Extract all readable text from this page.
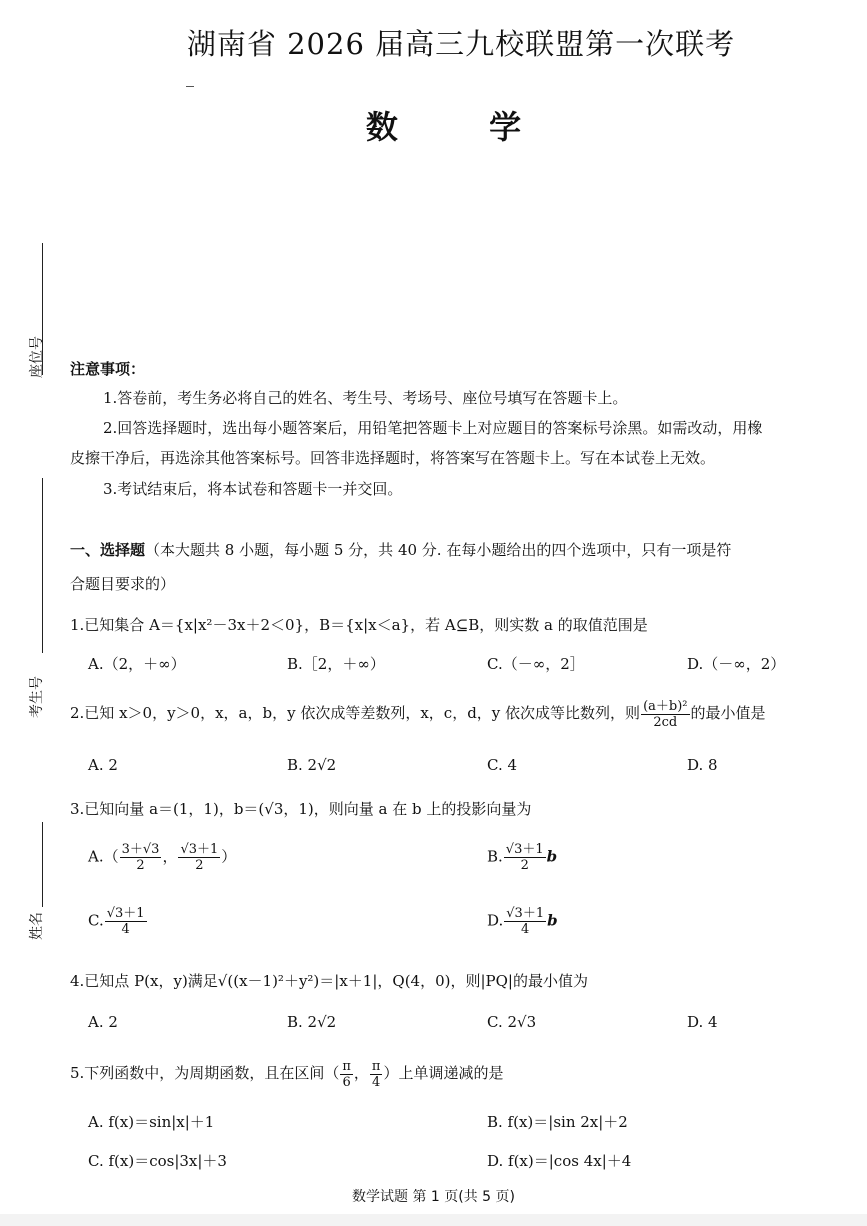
湖南省 2026 届高三九校联盟第一次联考
数 学
座位号
考生号
姓名
注意事项：
1.答卷前，考生务必将自己的姓名、考生号、考场号、座位号填写在答题卡上。
2.回答选择题时，选出每小题答案后，用铅笔把答题卡上对应题目的答案标号涂黑。如需改动，用橡
皮擦干净后，再选涂其他答案标号。回答非选择题时，将答案写在答题卡上。写在本试卷上无效。
3.考试结束后，将本试卷和答题卡一并交回。
一、选择题（本大题共 8 小题，每小题 5 分，共 40 分. 在每小题给出的四个选项中，只有一项是符
合题目要求的）
1.已知集合 A＝{x|x²－3x＋2＜0}，B＝{x|x＜a}，若 A⊆B，则实数 a 的取值范围是
A.（2，＋∞）	B.［2，＋∞）	C.（－∞，2］	D.（－∞，2）
2.已知 x＞0，y＞0，x，a，b，y 依次成等差数列，x，c，d，y 依次成等比数列，则 $\frac{\text{(a＋b)²}}{2cd}$ 的最小值是
A. 2	B. 2√2	C. 4	D. 8
3.已知向量 a＝(1，1)，b＝(√3，1)，则向量 a 在 b 上的投影向量为
$A.( \frac{3+√3}{2}$ ， $\frac{√3+1}{2}$ ）	B. $\frac{√3+1}{2}$ b
C. $\frac{√3+1}{4}$	D. $\frac{√3+1}{4}$ b
4.已知点 P(x，y)满足√((x－1)²＋y²)＝|x＋1|，Q(4，0)，则|PQ|的最小值为
A. 2	B. 2√2	C. 2√3	D. 4
5.下列函数中，为周期函数，且在区间（ $\frac{\pi}{6}$ ， $\frac{\pi}{4}$ ）上单调递减的是
A. f(x)＝sin|x|＋1	B. f(x)＝|sin 2x|＋2
C. f(x)＝cos|3x|＋3	D. f(x)＝|cos 4x|＋4
数学试题 第 1 页(共 5 页)
